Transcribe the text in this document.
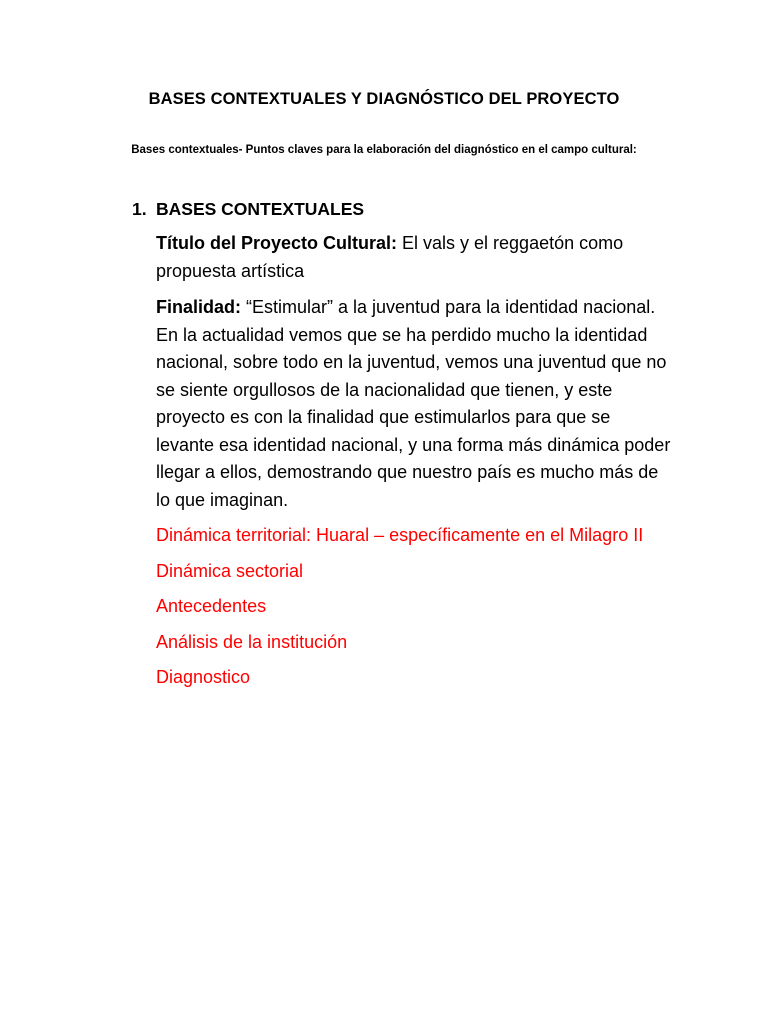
BASES CONTEXTUALES Y DIAGNÓSTICO DEL PROYECTO
Bases contextuales- Puntos claves para la elaboración del diagnóstico en el campo cultural:
1. BASES CONTEXTUALES

Título del Proyecto Cultural: El vals y el reggaetón como propuesta artística

Finalidad: “Estimular” a la juventud para la identidad nacional. En la actualidad vemos que se ha perdido mucho la identidad nacional, sobre todo en la juventud, vemos una juventud que no se siente orgullosos de la nacionalidad que tienen, y este proyecto es con la finalidad que estimularlos para que se levante esa identidad nacional, y una forma más dinámica poder llegar a ellos, demostrando que nuestro país es mucho más de lo que imaginan.

Dinámica territorial: Huaral – específicamente en el Milagro II

Dinámica sectorial

Antecedentes

Análisis de la institución

Diagnostico
